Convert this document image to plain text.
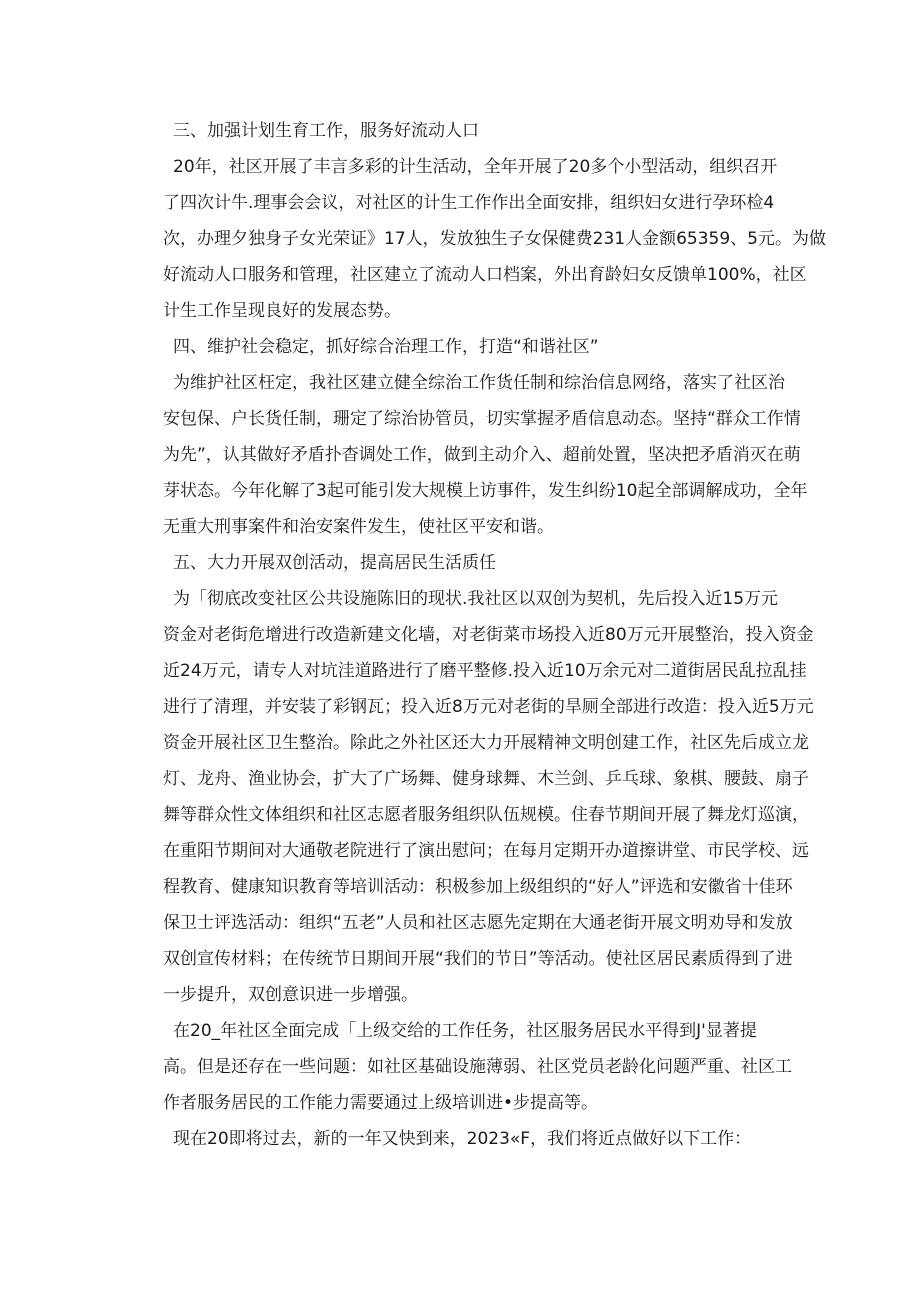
三、加强计划生育工作，服务好流动人口

20年，社区开展了丰言多彩的计生活动，全年开展了20多个小型活动，组织召开
了四次计牛.理事会会议，对社区的计生工作作出全面安排，组织妇女进行孕环检4
次，办理夕独身子女光荣证》17人，发放独生子女保健费231人金额65359、5元。为做
好流动人口服务和管理，社区建立了流动人口档案，外出育龄妇女反馈单100%，社区
计生工作呈现良好的发展态势。

四、维护社会稳定，抓好综合治理工作，打造“和谐社区”

为维护社区枉定，我社区建立健全综治工作货任制和综治信息网络，落实了社区治
安包保、户长货任制，珊定了综治协管员，切实掌握矛盾信息动态。坚持“群众工作情
为先”，认其做好矛盾扑杳调处工作，做到主动介入、超前处置，坚决把矛盾消灭在萌
芽状态。今年化解了3起可能引发大规模上访事件，发生纠纷10起全部调解成功，全年
无重大刑事案件和治安案件发生，使社区平安和谐。

五、大力开展双创活动，提高居民生活质任

为「彻底改变社区公共设施陈旧的现状.我社区以双创为契机，先后投入近15万元
资金对老街危增进行改造新建文化墙，对老街菜市场投入近80万元开展整治，投入资金
近24万元，请专人对坑洼道路进行了磨平整修.投入近10万余元对二道街居民乱拉乱挂
进行了清理，并安装了彩钢瓦；投入近8万元对老街的旱厕全部进行改造：投入近5万元
资金开展社区卫生整治。除此之外社区还大力开展精神文明创建工作，社区先后成立龙
灯、龙舟、渔业协会，扩大了广场舞、健身球舞、木兰剑、乒乓球、象棋、腰鼓、扇子
舞等群众性文体组织和社区志愿者服务组织队伍规模。住春节期间开展了舞龙灯巡演，
在重阳节期间对大通敬老院进行了演出慰问；在每月定期开办道擦讲堂、市民学校、远
程教育、健康知识教育等培训活动：积极参加上级组织的“好人”评选和安徽省十佳环
保卫士评选活动：组织“五老”人员和社区志愿先定期在大通老街开展文明劝导和发放
双创宣传材料；在传统节日期间开展“我们的节日”等活动。使社区居民素质得到了进
一步提升，双创意识进一步增强。
在20_年社区全面完成「上级交给的工作任务，社区服务居民水平得到J'显著提
高。但是还存在一些问题：如社区基础设施薄弱、社区党员老龄化问题严重、社区工
作者服务居民的工作能力需要通过上级培训进•步提高等。
现在20即将过去，新的一年又快到来，2023«F，我们将近点做好以下工作：
